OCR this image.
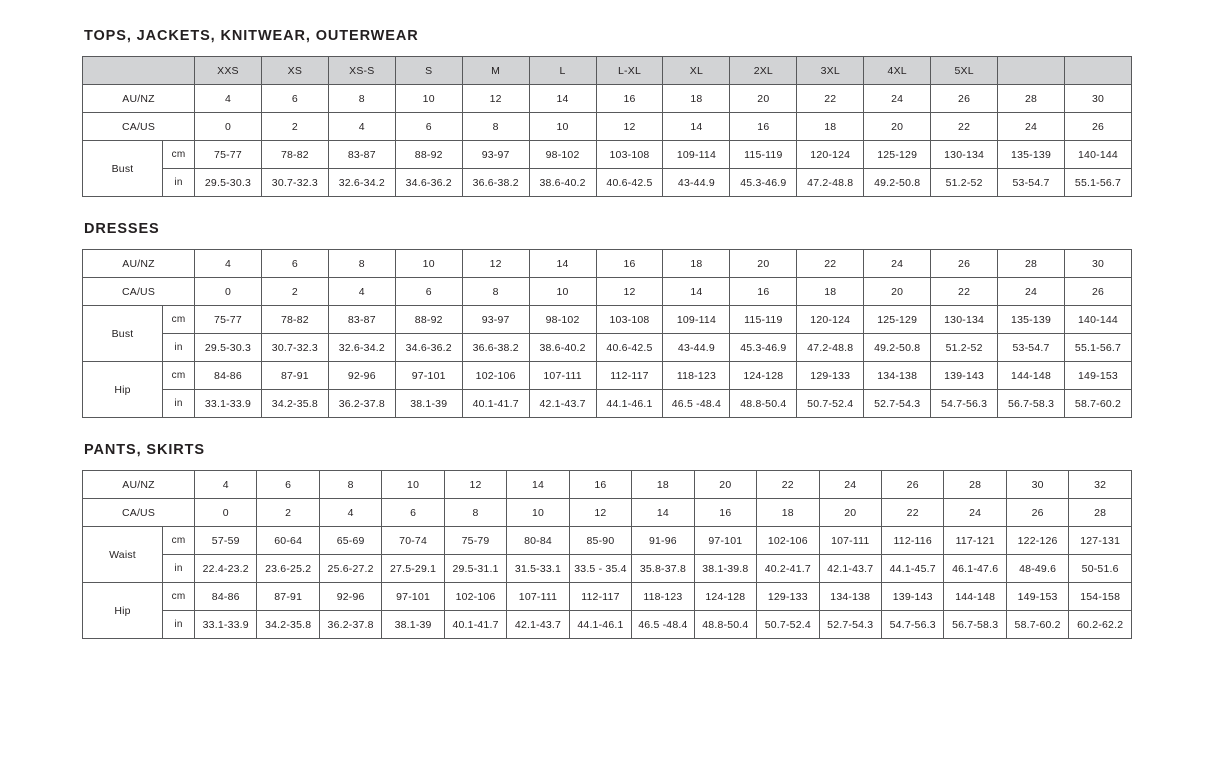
TOPS, JACKETS, KNITWEAR, OUTERWEAR
		XXS	XS	XS-S	S	M	L	L-XL	XL	2XL	3XL	4XL	5XL		
AU/NZ		4	6	8	10	12	14	16	18	20	22	24	26	28	30
CA/US		0	2	4	6	8	10	12	14	16	18	20	22	24	26
Bust	cm	75-77	78-82	83-87	88-92	93-97	98-102	103-108	109-114	115-119	120-124	125-129	130-134	135-139	140-144
	in	29.5-30.3	30.7-32.3	32.6-34.2	34.6-36.2	36.6-38.2	38.6-40.2	40.6-42.5	43-44.9	45.3-46.9	47.2-48.8	49.2-50.8	51.2-52	53-54.7	55.1-56.7
DRESSES
AU/NZ		4	6	8	10	12	14	16	18	20	22	24	26	28	30
CA/US		0	2	4	6	8	10	12	14	16	18	20	22	24	26
Bust	cm	75-77	78-82	83-87	88-92	93-97	98-102	103-108	109-114	115-119	120-124	125-129	130-134	135-139	140-144
	in	29.5-30.3	30.7-32.3	32.6-34.2	34.6-36.2	36.6-38.2	38.6-40.2	40.6-42.5	43-44.9	45.3-46.9	47.2-48.8	49.2-50.8	51.2-52	53-54.7	55.1-56.7
Hip	cm	84-86	87-91	92-96	97-101	102-106	107-111	112-117	118-123	124-128	129-133	134-138	139-143	144-148	149-153
	in	33.1-33.9	34.2-35.8	36.2-37.8	38.1-39	40.1-41.7	42.1-43.7	44.1-46.1	46.5 -48.4	48.8-50.4	50.7-52.4	52.7-54.3	54.7-56.3	56.7-58.3	58.7-60.2
PANTS, SKIRTS
AU/NZ		4	6	8	10	12	14	16	18	20	22	24	26	28	30	32
CA/US		0	2	4	6	8	10	12	14	16	18	20	22	24	26	28
Waist	cm	57-59	60-64	65-69	70-74	75-79	80-84	85-90	91-96	97-101	102-106	107-111	112-116	117-121	122-126	127-131
	in	22.4-23.2	23.6-25.2	25.6-27.2	27.5-29.1	29.5-31.1	31.5-33.1	33.5 - 35.4	35.8-37.8	38.1-39.8	40.2-41.7	42.1-43.7	44.1-45.7	46.1-47.6	48-49.6	50-51.6
Hip	cm	84-86	87-91	92-96	97-101	102-106	107-111	112-117	118-123	124-128	129-133	134-138	139-143	144-148	149-153	154-158
	in	33.1-33.9	34.2-35.8	36.2-37.8	38.1-39	40.1-41.7	42.1-43.7	44.1-46.1	46.5 -48.4	48.8-50.4	50.7-52.4	52.7-54.3	54.7-56.3	56.7-58.3	58.7-60.2	60.2-62.2
